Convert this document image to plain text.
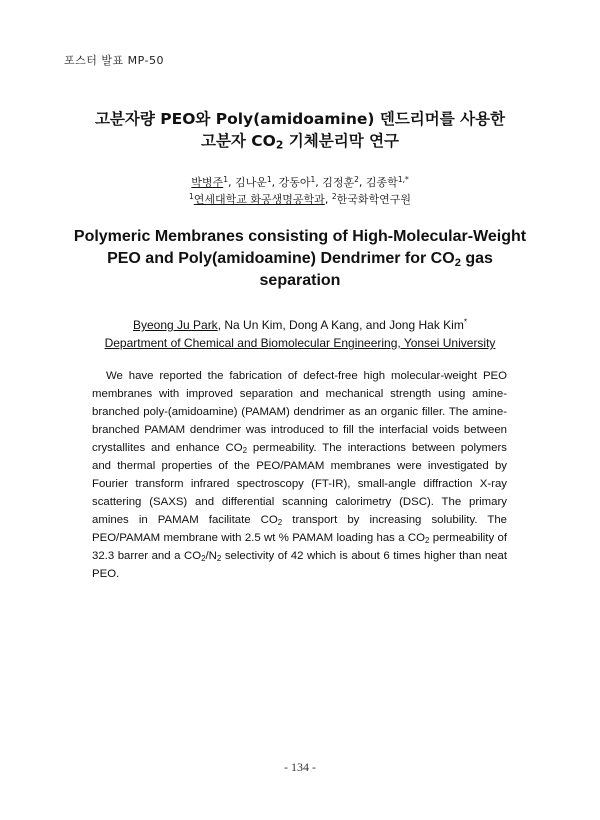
포스터 발표 MP-50
고분자량 PEO와 Poly(amidoamine) 덴드리머를 사용한
고분자 $CO_2$ 기체분리막 연구
박병주$^1$, 김나운$^1$, 강동아$^1$, 김정훈$^2$, 김종학$^{1,*}$
$^1$연세대학교 화공생명공학과, $^2$한국화학연구원
Polymeric Membranes consisting of High-Molecular-Weight
PEO and Poly(amidoamine) Dendrimer for $CO_2$ gas
separation
Byeong Ju Park, Na Un Kim, Dong A Kang, and Jong Hak Kim*
Department of Chemical and Biomolecular Engineering, Yonsei University
We have reported the fabrication of defect-free high molecular-weight PEO membranes with improved separation and mechanical strength using amine-branched poly-(amidoamine) (PAMAM) dendrimer as an organic filler. The amine-branched PAMAM dendrimer was introduced to fill the interfacial voids between crystallites and enhance $CO_2$ permeability. The interactions between polymers and thermal properties of the PEO/PAMAM membranes were investigated by Fourier transform infrared spectroscopy (FT-IR), small-angle diffraction X-ray scattering (SAXS) and differential scanning calorimetry (DSC). The primary amines in PAMAM facilitate $CO_2$ transport by increasing solubility. The PEO/PAMAM membrane with 2.5 wt % PAMAM loading has a $CO_2$ permeability of 32.3 barrer and a $CO_2/N_2$ selectivity of 42 which is about 6 times higher than neat PEO.
- 134 -
